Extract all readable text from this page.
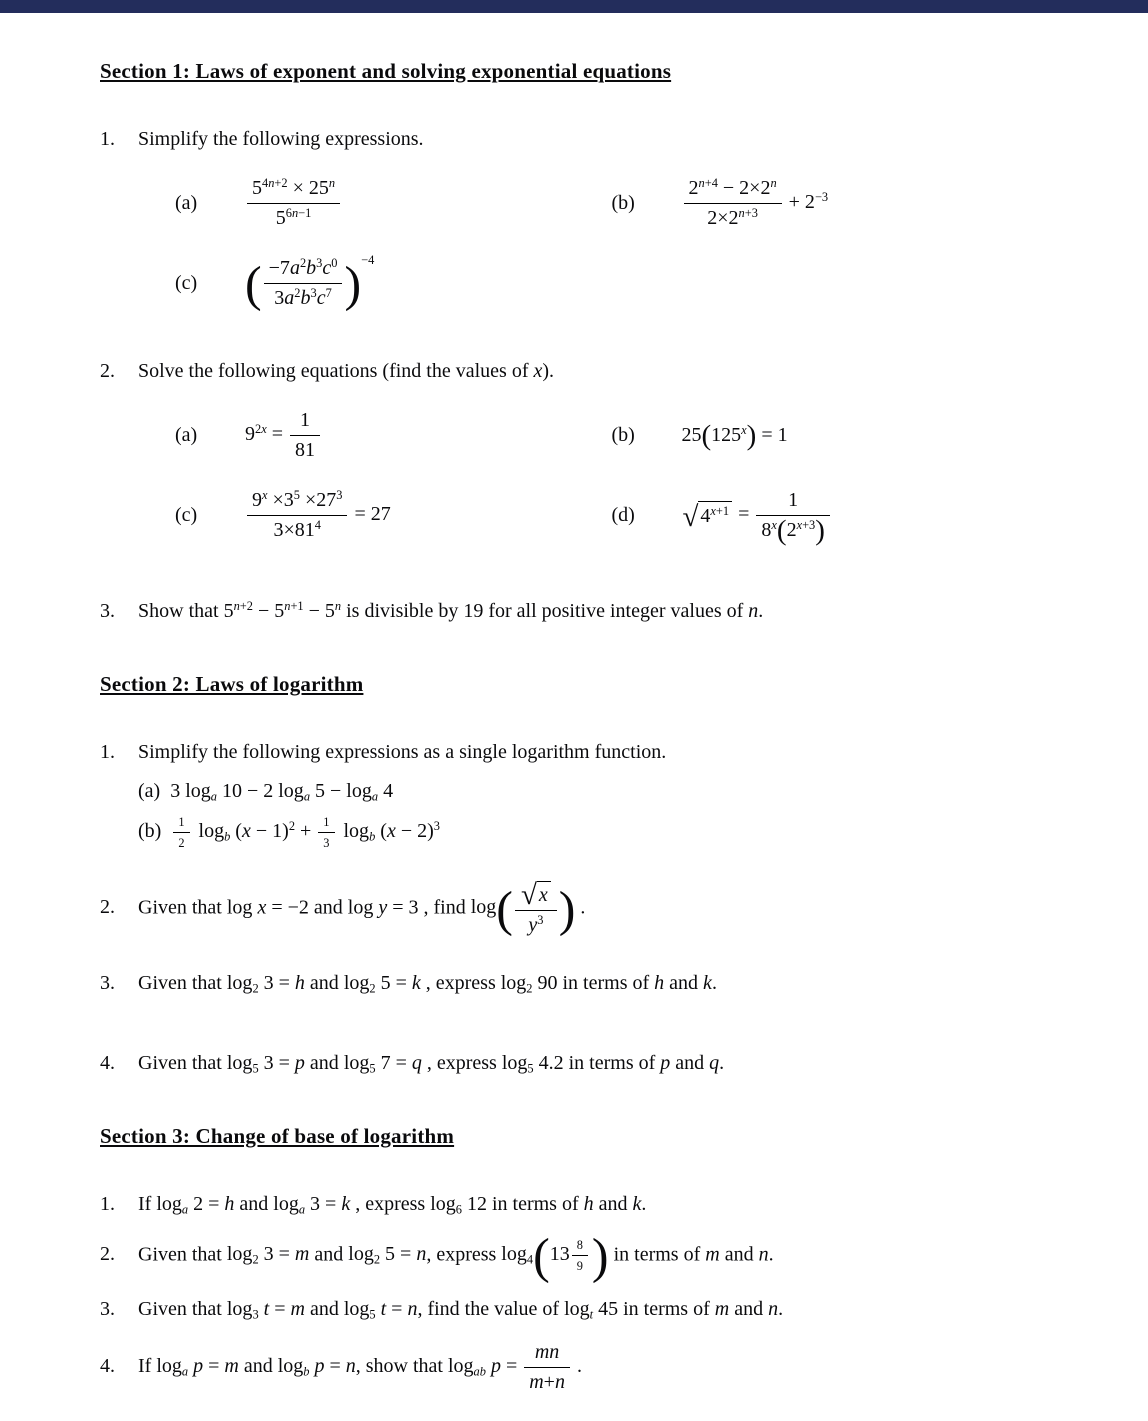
Section 1: Laws of exponent and solving exponential equations
1.	Simplify the following expressions.
(a)	$\frac{5^{4n+2} \times 25^n}{5^{6n-1}}$	(b)	$\frac{2^{n+4} - 2\times 2^n}{2\times 2^{n+3}} + 2^{-3}$
(c) ( $\frac{-7a^2b^3c^0}{3a^2b^3c^7} )^{-4}$
2.	Solve the following equations (find the values of x).
(a)	$9^{2x} = \frac{1}{81}$	(b)	$25(125^x) = 1$
(c)	$\frac{9^x \times 3^5 \times 27^3}{3\times 81^4} = 27$	(d)	√ $4^{x+1} = \frac{1}{8^x(2^{x+3})}$
3.	Show that $5^{n+2} - 5^{n+1} - 5^n$ is divisible by 19 for all positive integer values of n.
Section 2: Laws of logarithm
1.	Simplify the following expressions as a single logarithm function.
(a) 3 $\log_a 10 - 2$ $\log_a 5 - \log_a 4$
$(b) \frac{1}{2} \log_b (x - 1)^2 + \frac{1}{3} \log_b (x - 2)^3$
2.	Given that log x = −2 and log y = 3 , find $\log( \frac{√ x}{y^3}$ ) .
3.	Given that $\log_2 3 = h$ and $\log_2 5 = k$ , express $\log_2 90$ in terms of h and k.
4.	Given that $\log_5 3 = p$ and $\log_5 7 = q$ , express $\log_5 4.2$ in terms of p and q.
Section 3: Change of base of logarithm
1.	If $\log_a 2 = h$ and $\log_a 3 = k$ , express $\log_6 12$ in terms of h and k.
2.	Given that $\log_2 3 = m$ and $\log_2 5 = n$, express $\log_4(13 \frac{8}{9}$ ) in terms of m and n.
3.	Given that $\log_3 t = m$ and $\log_5 t = n$, find the value of $\log_t 45$ in terms of m and n.
4.	If $\log_a p = m$ and $\log_b p = n$, show that $\log_{ab} p = \frac{mn}{m+n}$ .
